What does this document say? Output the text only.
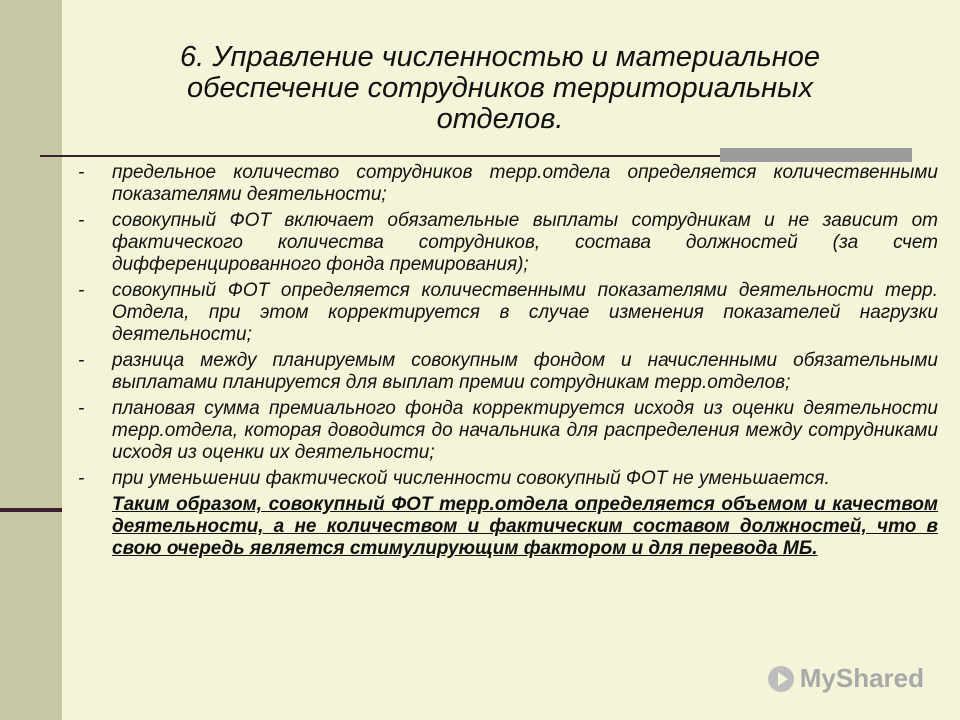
6. Управление численностью и материальное
обеспечение сотрудников территориальных
отделов.
-	предельное количество сотрудников терр.отдела определяется количественными показателями деятельности;
-	совокупный ФОТ включает обязательные выплаты сотрудникам и не зависит от фактического количества сотрудников, состава должностей (за счет дифференцированного фонда премирования);
-	совокупный ФОТ определяется количественными показателями деятельности терр. Отдела, при этом корректируется в случае изменения показателей нагрузки деятельности;
-	разница между планируемым совокупным фондом и начисленными обязательными выплатами планируется для выплат премии сотрудникам терр.отделов;
-	плановая сумма премиального фонда корректируется исходя из оценки деятельности терр.отдела, которая доводится до начальника для распределения между сотрудниками исходя из оценки их деятельности;
-	при уменьшении фактической численности совокупный ФОТ не уменьшается.
Таким образом, совокупный ФОТ терр.отдела определяется объемом и качеством деятельности, а не количеством и фактическим составом должностей, что в свою очередь является стимулирующим фактором и для перевода МБ.
MyShared
